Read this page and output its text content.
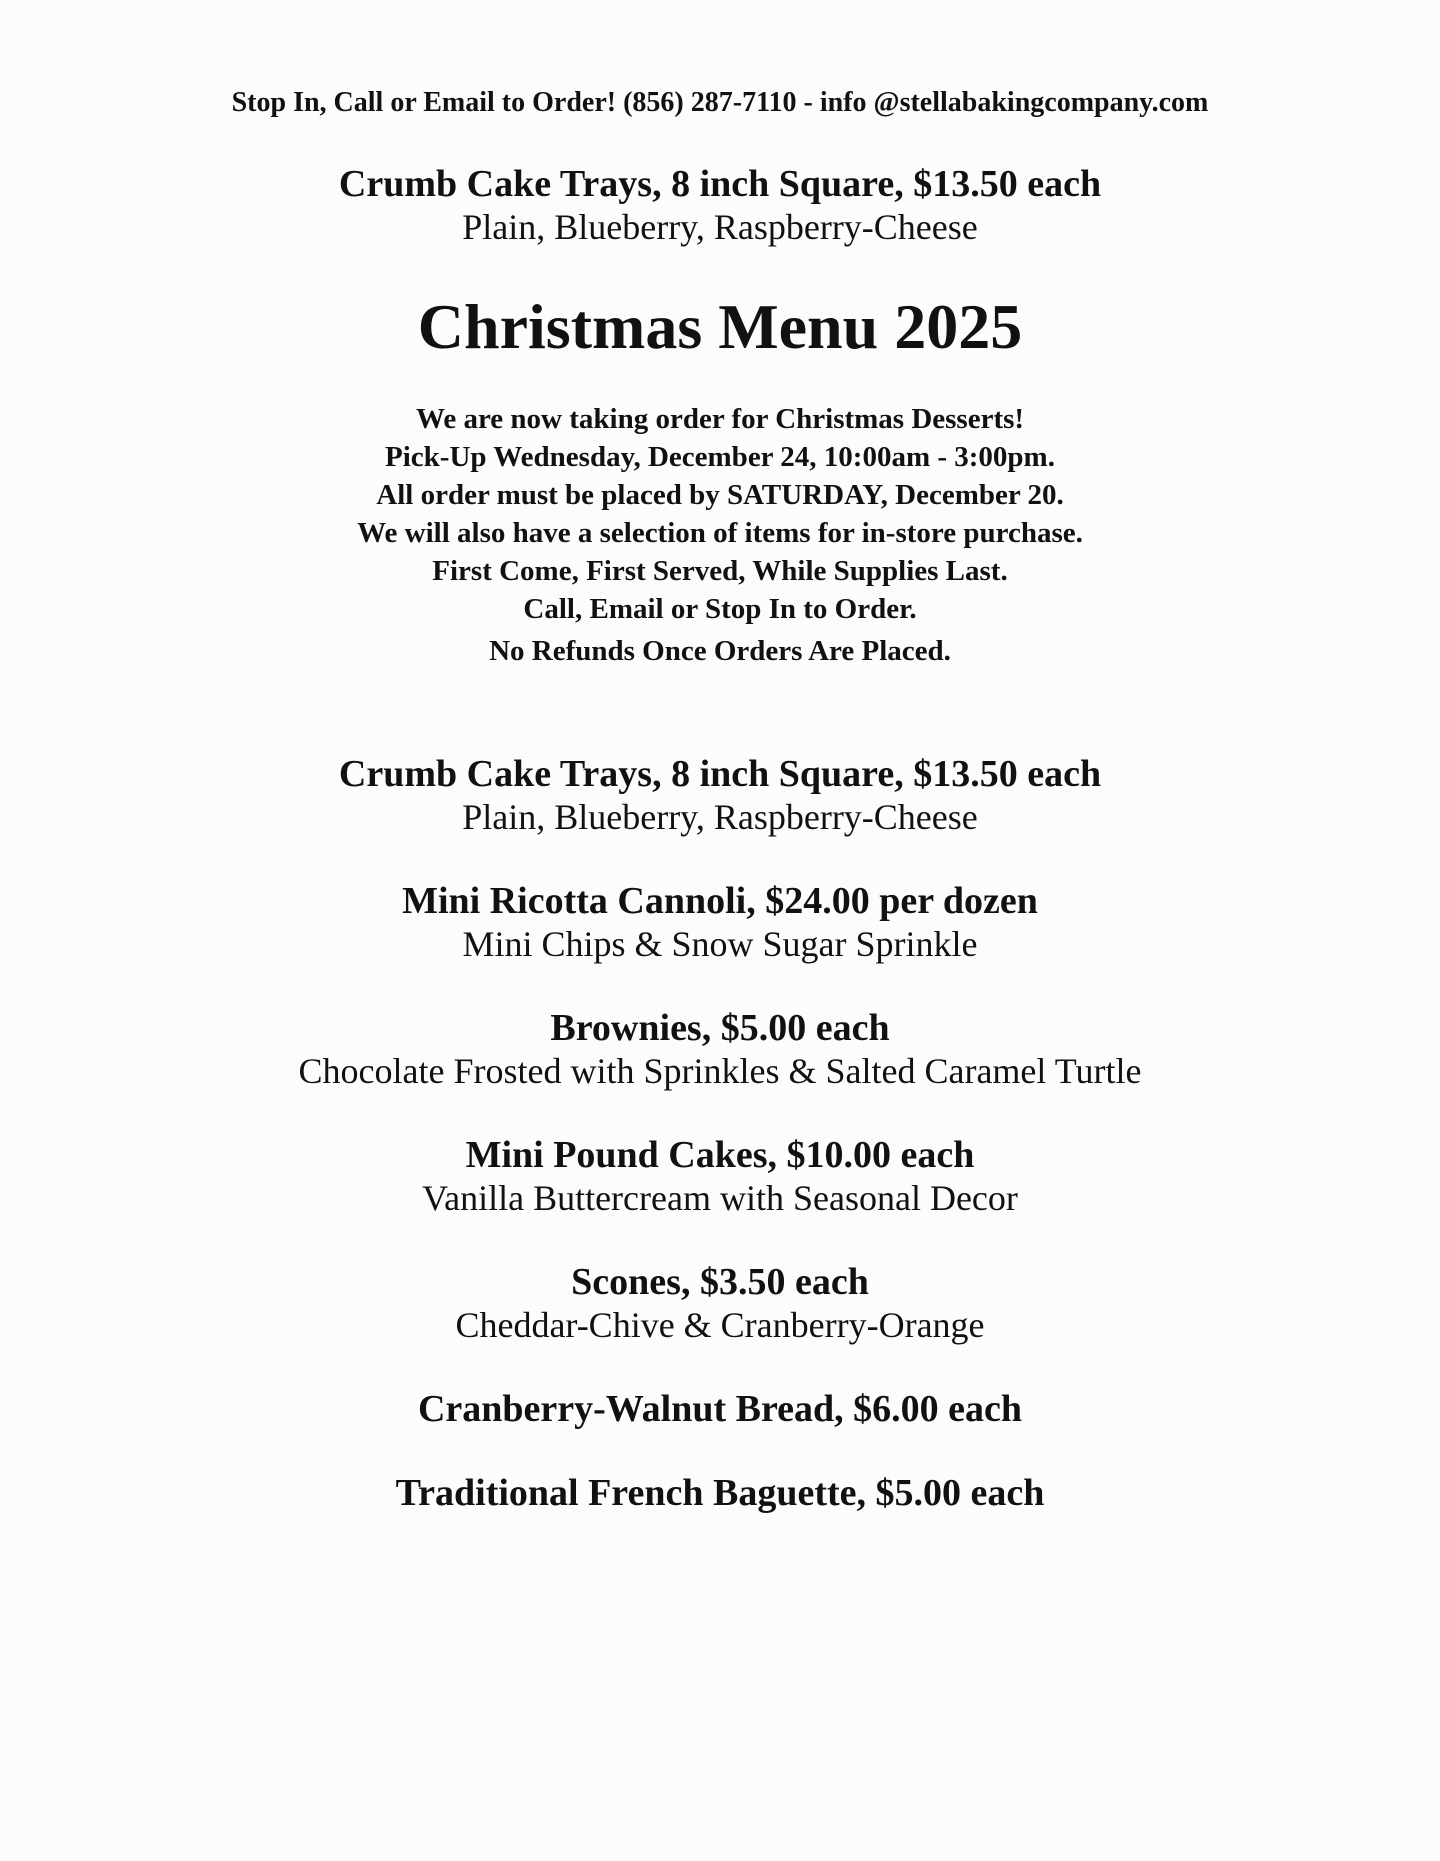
Stop In, Call or Email to Order! (856) 287-7110 - info @stellabakingcompany.com
Crumb Cake Trays, 8 inch Square, $13.50 each
Plain, Blueberry, Raspberry-Cheese
Christmas Menu 2025
We are now taking order for Christmas Desserts!
Pick-Up Wednesday, December 24, 10:00am - 3:00pm.
All order must be placed by SATURDAY, December 20.
We will also have a selection of items for in-store purchase.
First Come, First Served, While Supplies Last.
Call, Email or Stop In to Order.
No Refunds Once Orders Are Placed.
Crumb Cake Trays, 8 inch Square, $13.50 each
Plain, Blueberry, Raspberry-Cheese
Mini Ricotta Cannoli, $24.00 per dozen
Mini Chips & Snow Sugar Sprinkle
Brownies, $5.00 each
Chocolate Frosted with Sprinkles & Salted Caramel Turtle
Mini Pound Cakes, $10.00 each
Vanilla Buttercream with Seasonal Decor
Scones, $3.50 each
Cheddar-Chive & Cranberry-Orange
Cranberry-Walnut Bread, $6.00 each
Traditional French Baguette, $5.00 each
